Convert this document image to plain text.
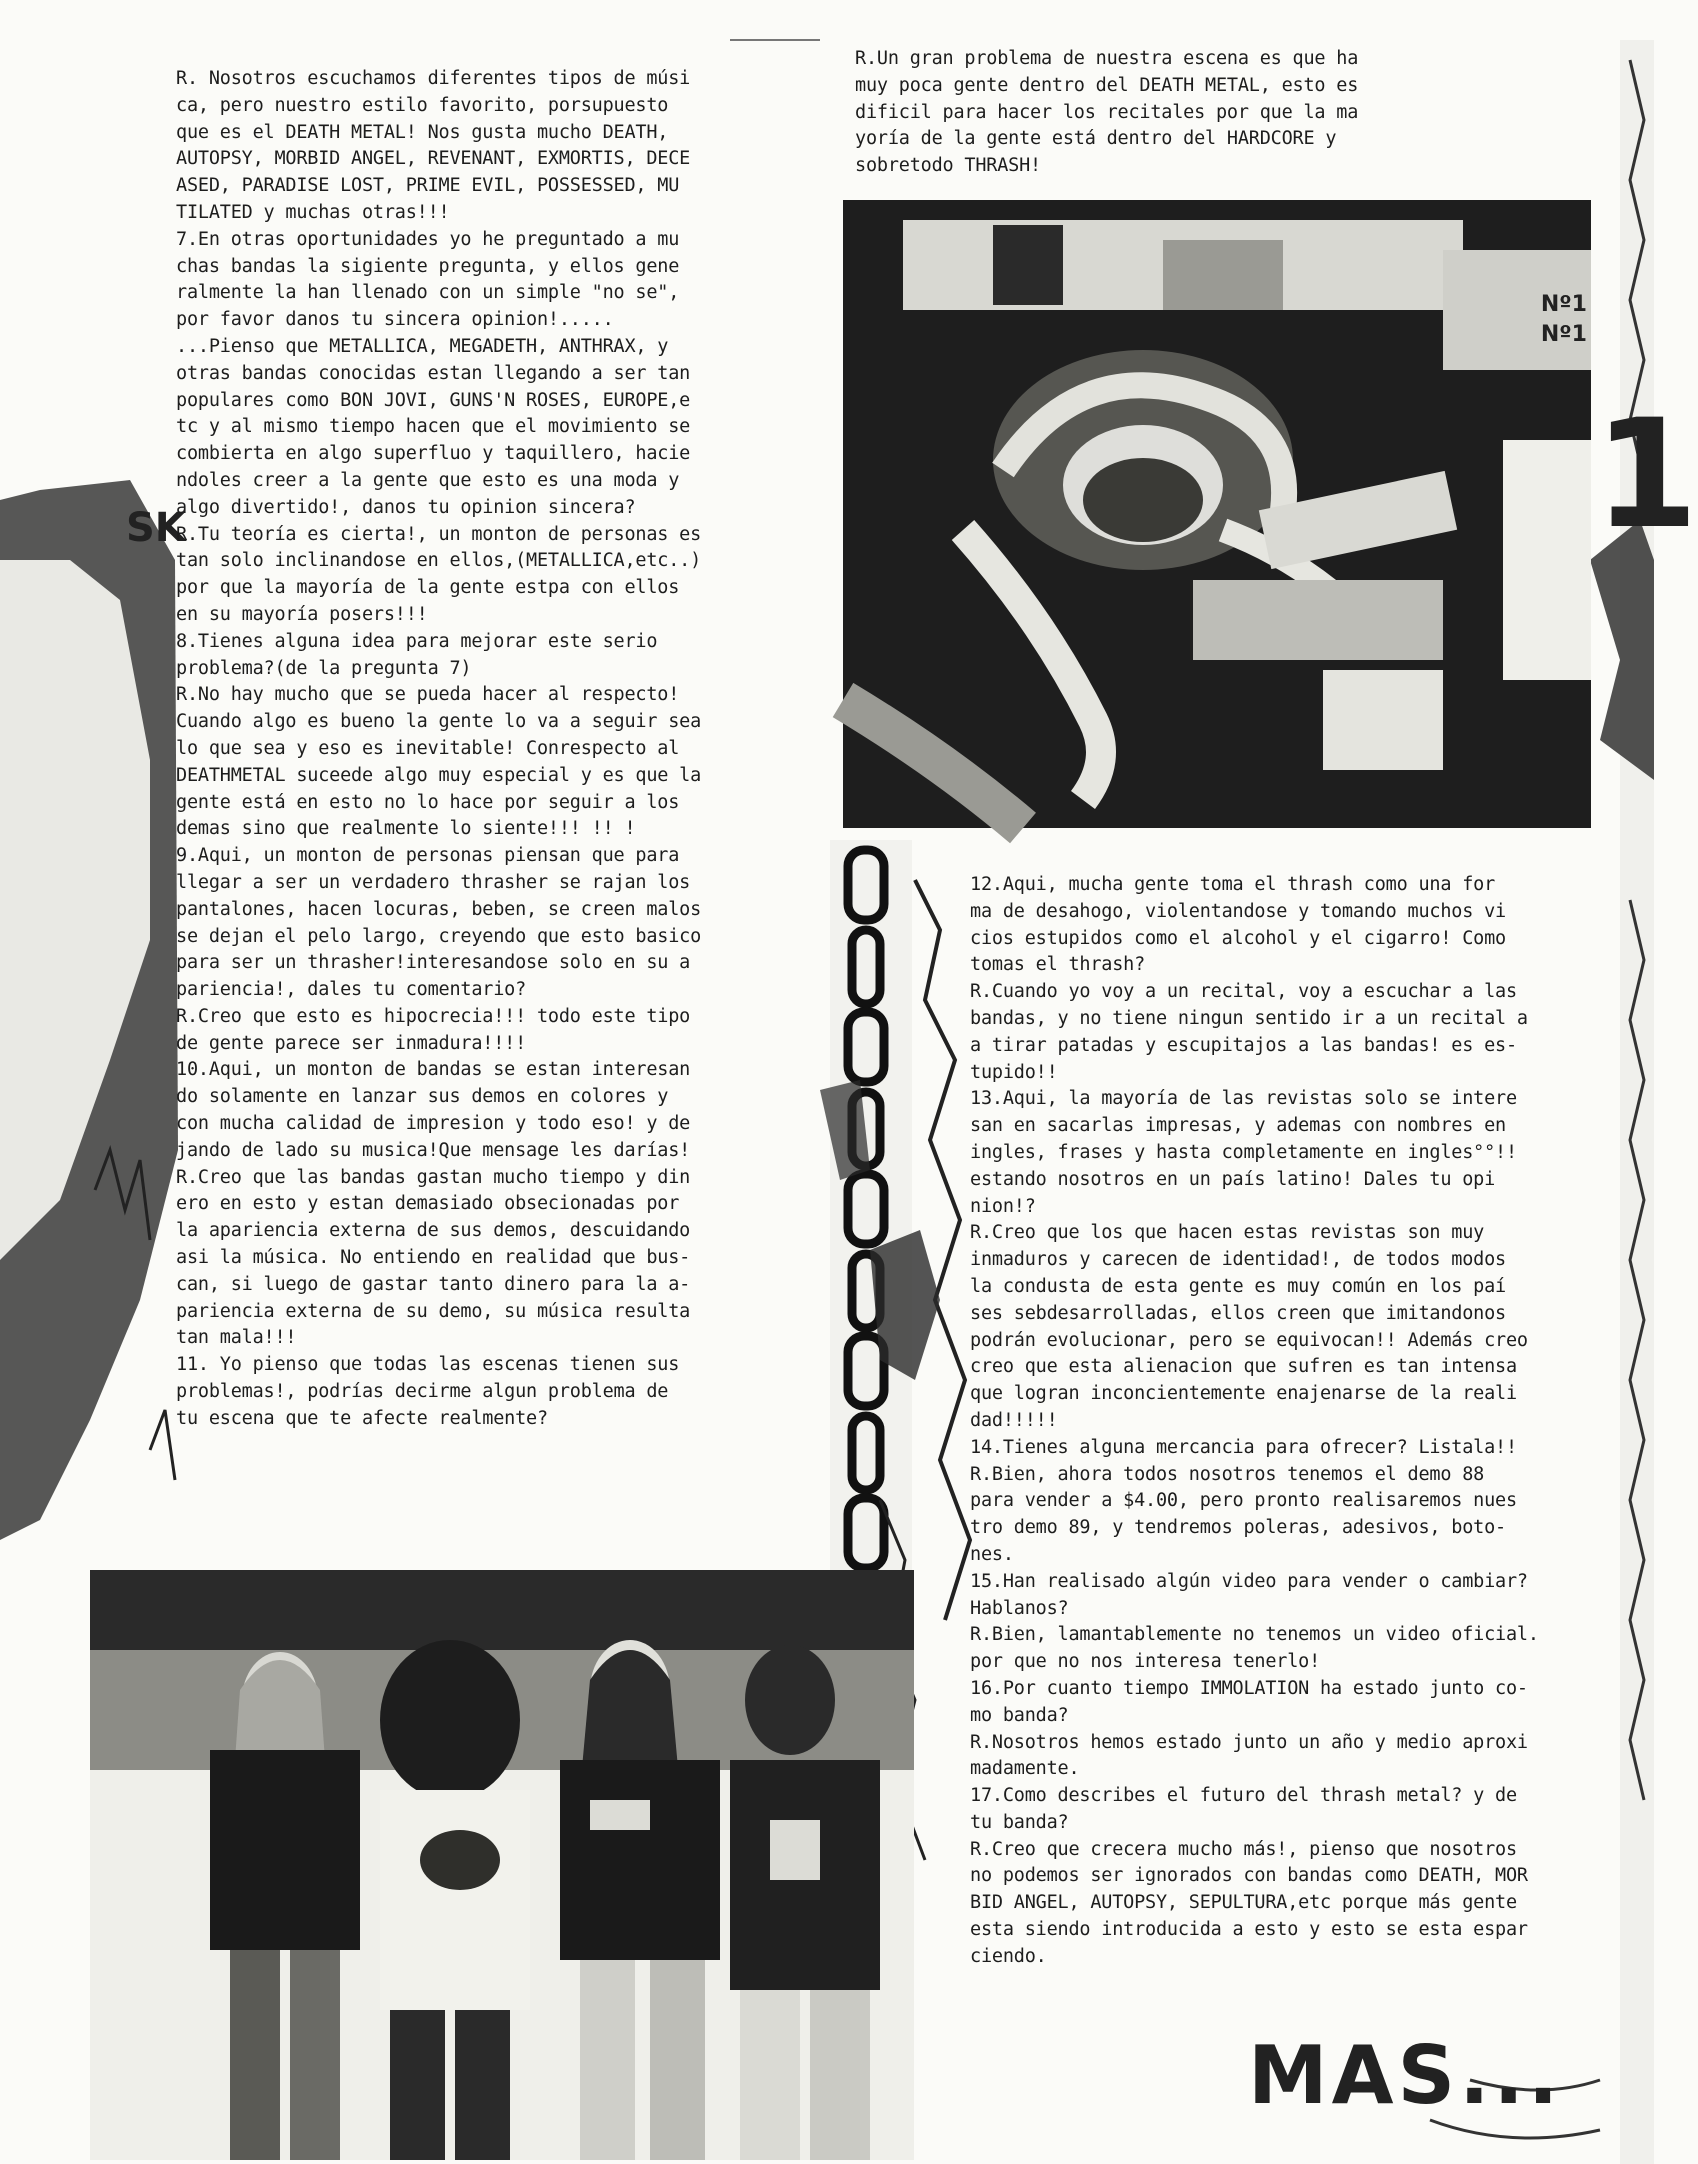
SK	1
MAS...
Nº1
Nº1
R.Un gran problema de nuestra escena es que ha
muy poca gente dentro del DEATH METAL, esto es
dificil para hacer los recitales por que la ma
yoría de la gente está dentro del HARDCORE y
sobretodo THRASH!
R. Nosotros escuchamos diferentes tipos de músi
ca, pero nuestro estilo favorito, porsupuesto
que es el DEATH METAL! Nos gusta mucho DEATH,
AUTOPSY, MORBID ANGEL, REVENANT, EXMORTIS, DECE
ASED, PARADISE LOST, PRIME EVIL, POSSESSED, MU
TILATED y muchas otras!!!
7.En otras oportunidades yo he preguntado a mu
chas bandas la sigiente pregunta, y ellos gene
ralmente la han llenado con un simple "no se",
por favor danos tu sincera opinion!.....
...Pienso que METALLICA, MEGADETH, ANTHRAX, y
otras bandas conocidas estan llegando a ser tan
populares como BON JOVI, GUNS'N ROSES, EUROPE,e
tc y al mismo tiempo hacen que el movimiento se
combierta en algo superfluo y taquillero, hacie
ndoles creer a la gente que esto es una moda y
algo divertido!, danos tu opinion sincera?
R.Tu teoría es cierta!, un monton de personas es
tan solo inclinandose en ellos,(METALLICA,etc..)
por que la mayoría de la gente estpa con ellos
en su mayoría posers!!!
8.Tienes alguna idea para mejorar este serio
problema?(de la pregunta 7)
R.No hay mucho que se pueda hacer al respecto!
Cuando algo es bueno la gente lo va a seguir sea
lo que sea y eso es inevitable! Conrespecto al
DEATHMETAL suceede algo muy especial y es que la
gente está en esto no lo hace por seguir a los
demas sino que realmente lo siente!!! !! !
9.Aqui, un monton de personas piensan que para
llegar a ser un verdadero thrasher se rajan los
pantalones, hacen locuras, beben, se creen malos
se dejan el pelo largo, creyendo que esto basico
para ser un thrasher!interesandose solo en su a
pariencia!, dales tu comentario?
R.Creo que esto es hipocrecia!!! todo este tipo
de gente parece ser inmadura!!!!
10.Aqui, un monton de bandas se estan interesan
do solamente en lanzar sus demos en colores y
con mucha calidad de impresion y todo eso! y de
jando de lado su musica!Que mensage les darías!
R.Creo que las bandas gastan mucho tiempo y din
ero en esto y estan demasiado obsecionadas por
la apariencia externa de sus demos, descuidando
asi la música. No entiendo en realidad que bus-
can, si luego de gastar tanto dinero para la a-
pariencia externa de su demo, su música resulta
tan mala!!!
11. Yo pienso que todas las escenas tienen sus
problemas!, podrías decirme algun problema de
tu escena que te afecte realmente?
12.Aqui, mucha gente toma el thrash como una for
ma de desahogo, violentandose y tomando muchos vi
cios estupidos como el alcohol y el cigarro! Como
tomas el thrash?
R.Cuando yo voy a un recital, voy a escuchar a las
bandas, y no tiene ningun sentido ir a un recital a
a tirar patadas y escupitajos a las bandas! es es-
tupido!!
13.Aqui, la mayoría de las revistas solo se intere
san en sacarlas impresas, y ademas con nombres en
ingles, frases y hasta completamente en ingles°°!!
estando nosotros en un país latino! Dales tu opi
nion!?
R.Creo que los que hacen estas revistas son muy
inmaduros y carecen de identidad!, de todos modos
la condusta de esta gente es muy común en los paí
ses sebdesarrolladas, ellos creen que imitandonos
podrán evolucionar, pero se equivocan!! Además creo
creo que esta alienacion que sufren es tan intensa
que logran inconcientemente enajenarse de la reali
dad!!!!!
14.Tienes alguna mercancia para ofrecer? Listala!!
R.Bien, ahora todos nosotros tenemos el demo 88
para vender a $4.00, pero pronto realisaremos nues
tro demo 89, y tendremos poleras, adesivos, boto-
nes.
15.Han realisado algún video para vender o cambiar?
Hablanos?
R.Bien, lamantablemente no tenemos un video oficial.
por que no nos interesa tenerlo!
16.Por cuanto tiempo IMMOLATION ha estado junto co-
mo banda?
R.Nosotros hemos estado junto un año y medio aproxi
madamente.
17.Como describes el futuro del thrash metal? y de
tu banda?
R.Creo que crecera mucho más!, pienso que nosotros
no podemos ser ignorados con bandas como DEATH, MOR
BID ANGEL, AUTOPSY, SEPULTURA,etc porque más gente
esta siendo introducida a esto y esto se esta espar
ciendo.
